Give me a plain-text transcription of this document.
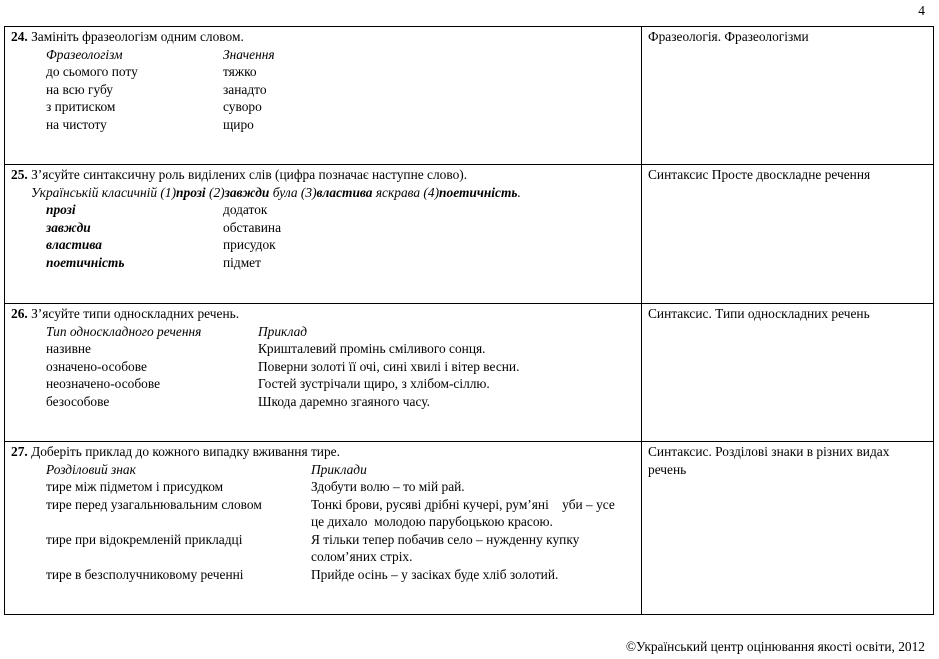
4
24. Замініть фразеологізм одним словом.
Фразеологізм	Значення
до сьомого поту	тяжко
на всю губу	занадто
з притиском	суворо
на чистоту	щиро
Фразеологія. Фразеологізми
25. З’ясуйте синтаксичну роль виділених слів (цифра позначає наступне слово).
Українській класичній (1)прозі (2)завжди була (3)властива яскрава (4)поетичність.
прозі	додаток
завжди	обставина
властива	присудок
поетичність	підмет
Синтаксис Просте двоскладне речення
26. З’ясуйте типи односкладних речень.
Тип односкладного речення	Приклад
називне	Кришталевий промінь сміливого сонця.
означено-особове	Поверни золоті її очі, сині хвилі і вітер весни.
неозначено-особове	Гостей зустрічали щиро, з хлібом-сіллю.
безособове	Шкода даремно згаяного часу.
Синтаксис. Типи односкладних речень
27. Доберіть приклад до кожного випадку вживання тире.
Розділовий знак	Приклади
тире між підметом і присудком	Здобути волю – то мій рай.
тире перед узагальнювальним словом	Тонкі брови, русяві дрібні кучері, рум’яні    уби – усе це дихало  молодою парубоцькою красою.
тире при відокремленій прикладці	Я тільки тепер побачив село – нужденну купку солом’яних стріх.
тире в безсполучниковому реченні	Прийде осінь – у засіках буде хліб золотий.
Синтаксис. Розділові знаки в різних видах речень
©Український центр оцінювання якості освіти, 2012
